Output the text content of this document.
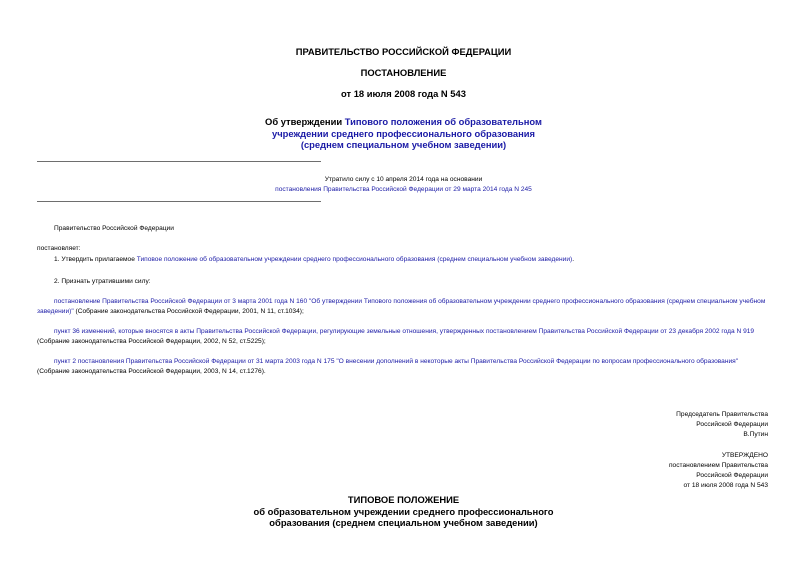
ПРАВИТЕЛЬСТВО РОССИЙСКОЙ ФЕДЕРАЦИИ
ПОСТАНОВЛЕНИЕ
от 18 июля 2008 года N 543
Об утверждении Типового положения об образовательном
учреждении среднего профессионального образования
(среднем специальном учебном заведении)
Утратило силу с 10 апреля 2014 года на основании
постановления Правительства Российской Федерации от 29 марта 2014 года N 245
Правительство Российской Федерации
постановляет:
1. Утвердить прилагаемое Типовое положение об образовательном учреждении среднего профессионального образования (среднем специальном учебном заведении).
2. Признать утратившими силу:
постановление Правительства Российской Федерации от 3 марта 2001 года N 160 "Об утверждении Типового положения об образовательном учреждении среднего профессионального образования (среднем специальном учебном заведении)" (Собрание законодательства Российской Федерации, 2001, N 11, ст.1034);
пункт 36 изменений, которые вносятся в акты Правительства Российской Федерации, регулирующие земельные отношения, утвержденных постановлением Правительства Российской Федерации от 23 декабря 2002 года N 919 (Собрание законодательства Российской Федерации, 2002, N 52, ст.5225);
пункт 2 постановления Правительства Российской Федерации от 31 марта 2003 года N 175 "О внесении дополнений в некоторые акты Правительства Российской Федерации по вопросам профессионального образования" (Собрание законодательства Российской Федерации, 2003, N 14, ст.1276).
Председатель Правительства
Российской Федерации
В.Путин
УТВЕРЖДЕНО
постановлением Правительства
Российской Федерации
от 18 июля 2008 года N 543
ТИПОВОЕ ПОЛОЖЕНИЕ
об образовательном учреждении среднего профессионального
образования (среднем специальном учебном заведении)
